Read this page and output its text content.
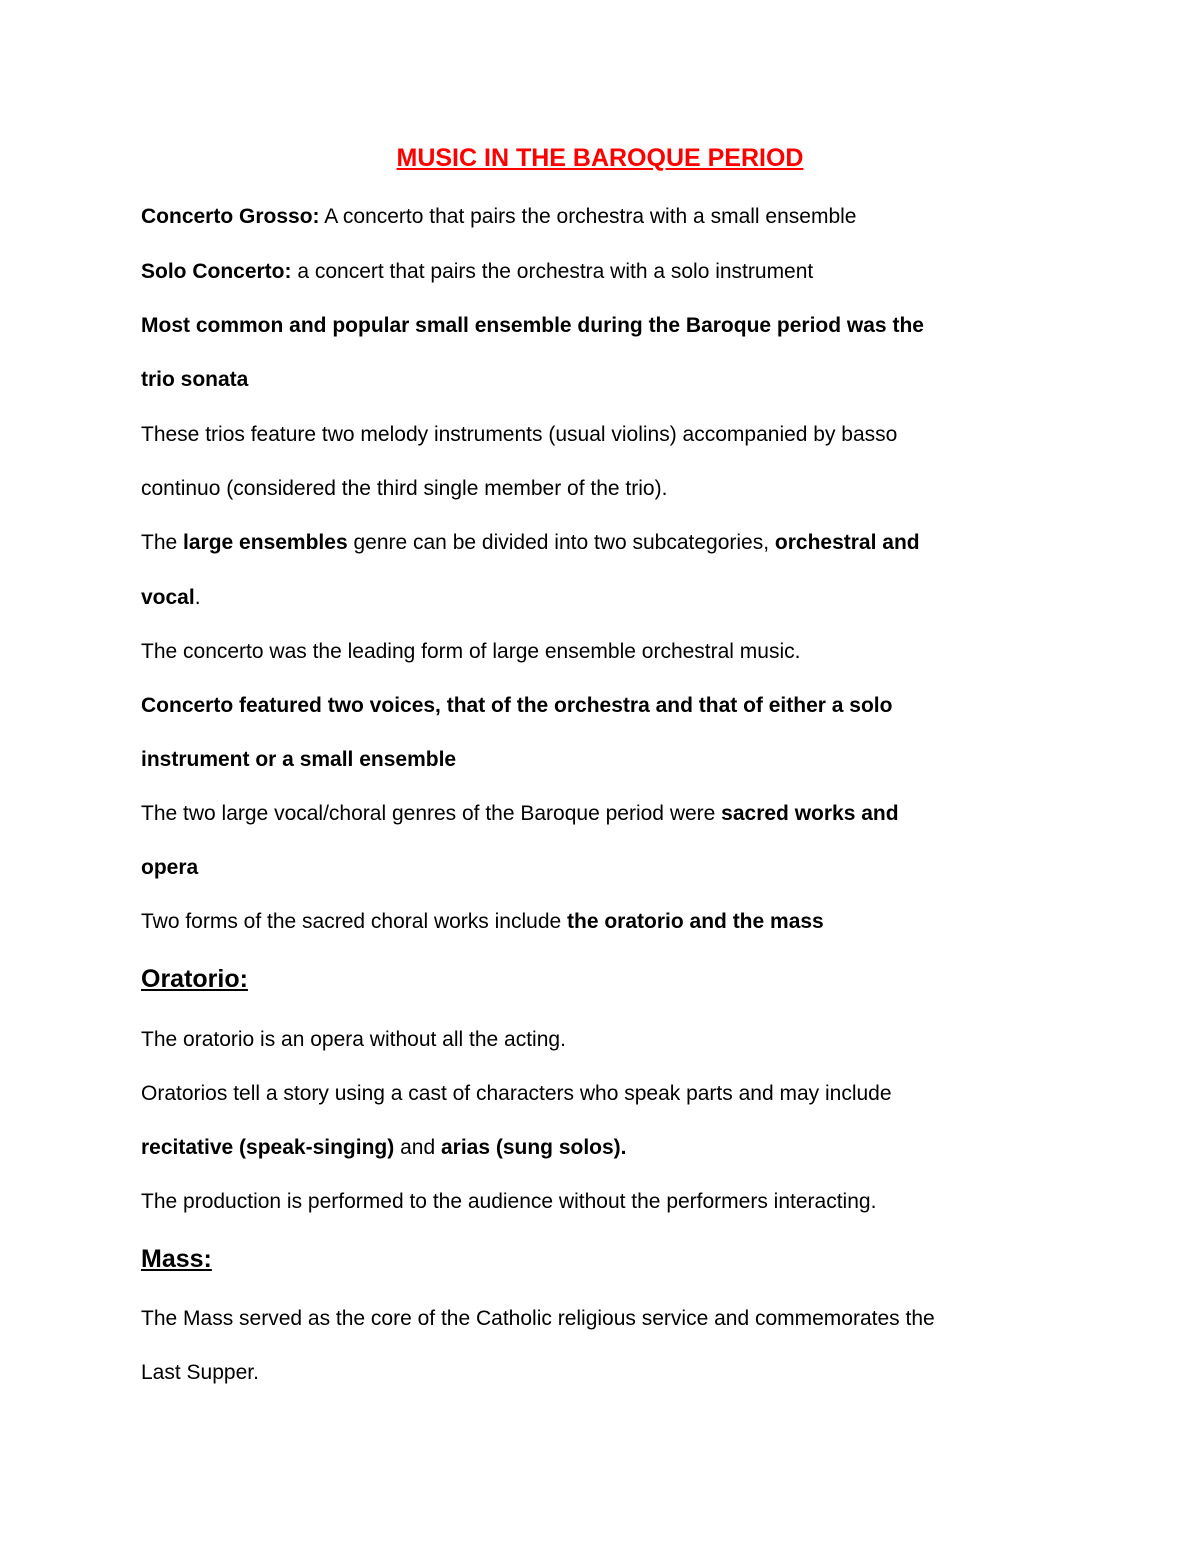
MUSIC IN THE BAROQUE PERIOD
Concerto Grosso: A concerto that pairs the orchestra with a small ensemble
Solo Concerto: a concert that pairs the orchestra with a solo instrument
Most common and popular small ensemble during the Baroque period was the
trio sonata
These trios feature two melody instruments (usual violins) accompanied by basso
continuo (considered the third single member of the trio).
The large ensembles genre can be divided into two subcategories, orchestral and
vocal.
The concerto was the leading form of large ensemble orchestral music.
Concerto featured two voices, that of the orchestra and that of either a solo
instrument or a small ensemble
The two large vocal/choral genres of the Baroque period were sacred works and
opera
Two forms of the sacred choral works include the oratorio and the mass
Oratorio:
The oratorio is an opera without all the acting.
Oratorios tell a story using a cast of characters who speak parts and may include
recitative (speak-singing) and arias (sung solos).
The production is performed to the audience without the performers interacting.
Mass:
The Mass served as the core of the Catholic religious service and commemorates the
Last Supper.
